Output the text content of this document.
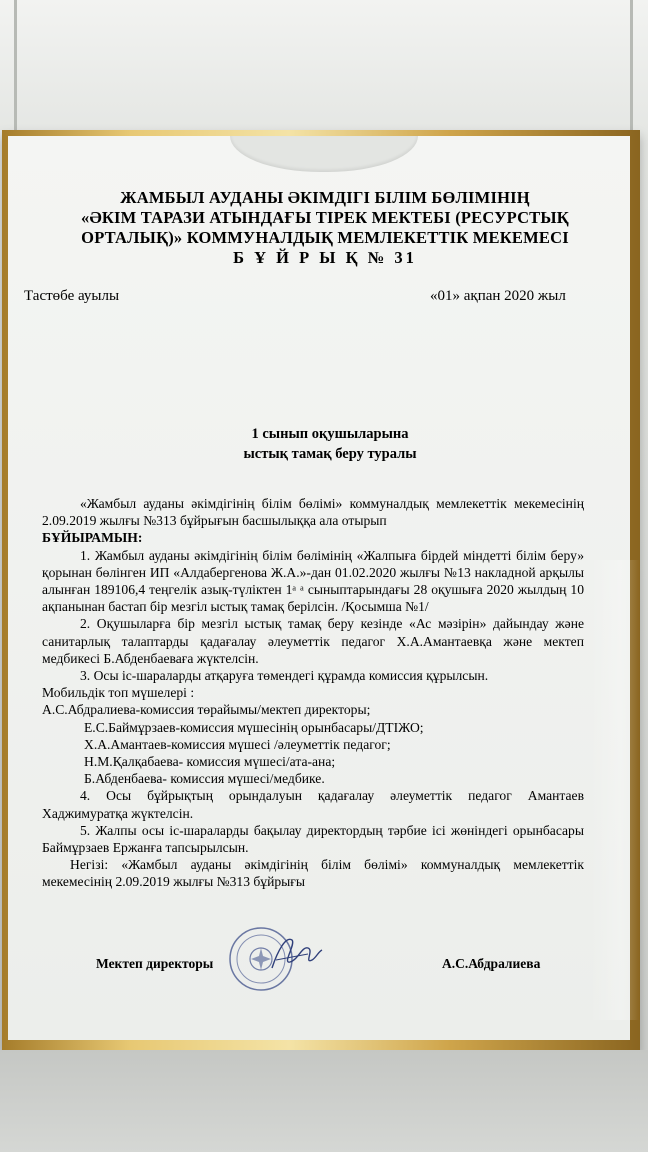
ЖАМБЫЛ АУДАНЫ ӘКІМДІГІ БІЛІМ БӨЛІМІНІҢ
«ӘКІМ ТАРАЗИ АТЫНДАҒЫ ТІРЕК МЕКТЕБІ (РЕСУРСТЫҚ
ОРТАЛЫҚ)» КОММУНАЛДЫҚ МЕМЛЕКЕТТІК МЕКЕМЕСІ
Б Ұ Й Р Ы Қ № 31
Тастөбе ауылы	«01» ақпан 2020 жыл
1 сынып оқушыларына
ыстық тамақ беру туралы

«Жамбыл ауданы әкімдігінің білім бөлімі» коммуналдық мемлекеттік мекемесінің 2.09.2019 жылғы №313 бұйрығын басшылыққа ала отырып

БҰЙЫРАМЫН:

1. Жамбыл ауданы әкімдігінің білім бөлімінің «Жалпыға бірдей міндетті білім беру» қорынан бөлінген ИП «Алдабергенова Ж.А.»-дан 01.02.2020 жылғы №13 накладной арқылы алынған 189106,4 теңгелік азық-түліктен 1ᵃ ᵃ сыныптарындағы 28 оқушыға 2020 жылдың 10 ақпанынан бастап бір мезгіл ыстық тамақ берілсін. /Қосымша №1/

2. Оқушыларға бір мезгіл ыстық тамақ беру кезінде «Ас мәзірін» дайындау және санитарлық талаптарды қадағалау әлеуметтік педагог Х.А.Амантаевқа және мектеп медбикесі Б.Абденбаеваға жүктелсін.

3. Осы іс-шараларды атқаруға төмендегі құрамда комиссия құрылсын.

Мобильдік топ мүшелері :

А.С.Абдралиева-комиссия төрайымы/мектеп директоры;

Е.С.Баймұрзаев-комиссия мүшесінің орынбасары/ДТІЖО;

Х.А.Амантаев-комиссия мүшесі /әлеуметтік педагог;

Н.М.Қалқабаева- комиссия мүшесі/ата-ана;

Б.Абденбаева- комиссия мүшесі/медбике.

4. Осы бұйрықтың орындалуын қадағалау әлеуметтік педагог Амантаев Хаджимуратқа жүктелсін.

5. Жалпы осы іс-шараларды бақылау директордың тәрбие ісі жөніндегі орынбасары Баймұрзаев Ержанға тапсырылсын.

Негізі: «Жамбыл ауданы әкімдігінің білім бөлімі» коммуналдық мемлекеттік мекемесінің 2.09.2019 жылғы №313 бұйрығы

Мектеп директоры	А.С.Абдралиева
